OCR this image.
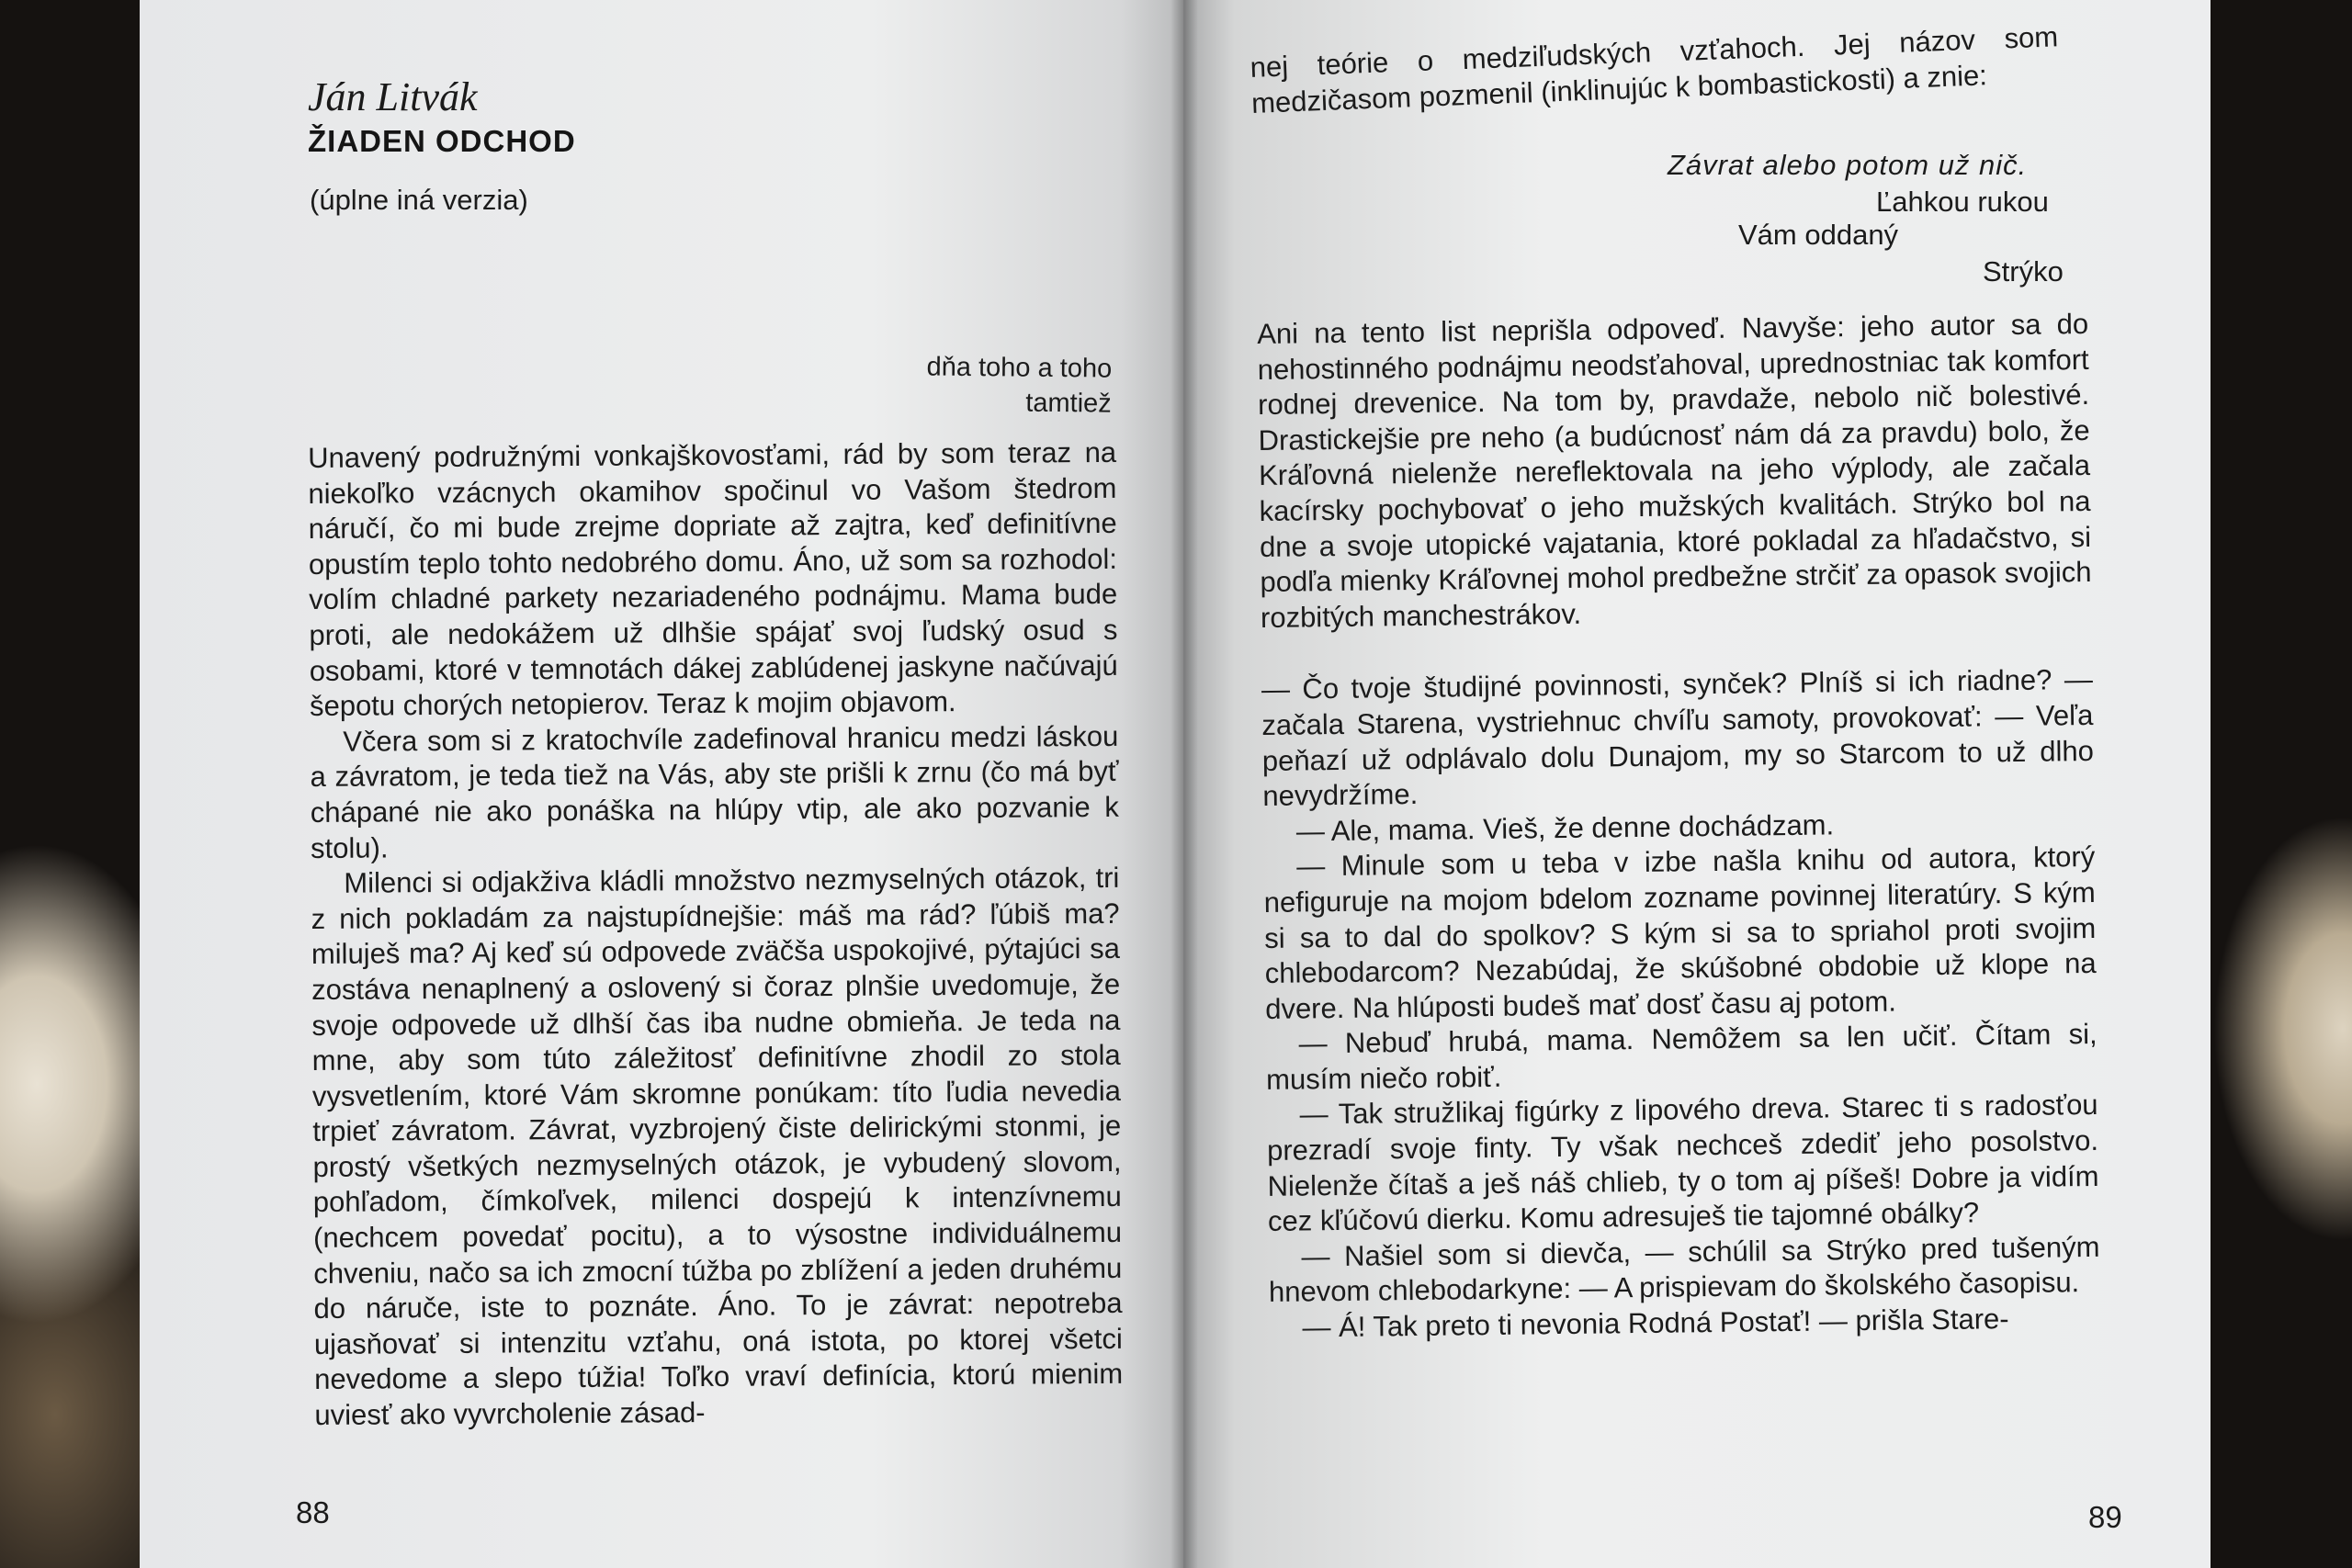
Ján Litvák
ŽIADEN ODCHOD
(úplne iná verzia)
dňa toho a toho
tamtiež

Unavený podružnými vonkajškovosťami, rád by som teraz na niekoľko vzácnych okamihov spočinul vo Vašom štedrom náručí, čo mi bude zrejme dopriate až zajtra, keď definitívne opustím teplo tohto nedobrého domu. Áno, už som sa rozhodol: volím chladné parkety nezariadeného podnájmu. Mama bude proti, ale nedokážem už dlhšie spájať svoj ľudský osud s osobami, ktoré v temnotách dákej zablúdenej jaskyne načúvajú šepotu chorých netopierov. Teraz k mojim objavom.

Včera som si z kratochvíle zadefinoval hranicu medzi láskou a závratom, je teda tiež na Vás, aby ste prišli k zrnu (čo má byť chápané nie ako ponáška na hlúpy vtip, ale ako pozvanie k stolu).

Milenci si odjakživa kládli množstvo nezmyselných otázok, tri z nich pokladám za najstupídnejšie: máš ma rád? ľúbiš ma? miluješ ma? Aj keď sú odpovede zväčša uspokojivé, pýtajúci sa zostáva nenaplnený a oslovený si čoraz plnšie uvedomuje, že svoje odpovede už dlhší čas iba nudne obmieňa. Je teda na mne, aby som túto záležitosť definitívne zhodil zo stola vysvetlením, ktoré Vám skromne ponúkam: títo ľudia nevedia trpieť závratom. Závrat, vyzbrojený čiste delirickými stonmi, je prostý všetkých nezmyselných otázok, je vybudený slovom, pohľadom, čímkoľvek, milenci dospejú k intenzívnemu (nechcem povedať pocitu), a to výsostne individuálnemu chveniu, načo sa ich zmocní túžba po zblížení a jeden druhému do náruče, iste to poznáte. Áno. To je závrat: nepotreba ujasňovať si intenzitu vzťahu, oná istota, po ktorej všetci nevedome a slepo túžia! Toľko vraví definícia, ktorú mienim uviesť ako vyvrcholenie zásad-

88
nej teórie o medziľudských vzťahoch. Jej názov som medzičasom pozmenil (inklinujúc k bombastickosti) a znie:
Závrat alebo potom už nič.
Ľahkou rukou
Vám oddaný
Strýko

Ani na tento list neprišla odpoveď. Navyše: jeho autor sa do nehostinného podnájmu neodsťahoval, uprednostniac tak komfort rodnej drevenice. Na tom by, pravdaže, nebolo nič bolestivé. Drastickejšie pre neho (a budúcnosť nám dá za pravdu) bolo, že Kráľovná nielenže nereflektovala na jeho výplody, ale začala kacírsky pochybovať o jeho mužských kvalitách. Strýko bol na dne a svoje utopické vajatania, ktoré pokladal za hľadačstvo, si podľa mienky Kráľovnej mohol predbežne strčiť za opasok svojich rozbitých manchestrákov.

— Čo tvoje študijné povinnosti, synček? Plníš si ich riadne? — začala Starena, vystriehnuc chvíľu samoty, provokovať: — Veľa peňazí už odplávalo dolu Dunajom, my so Starcom to už dlho nevydržíme.

— Ale, mama. Vieš, že denne dochádzam.

— Minule som u teba v izbe našla knihu od autora, ktorý nefiguruje na mojom bdelom zozname povinnej literatúry. S kým si sa to dal do spolkov? S kým si sa to spriahol proti svojim chlebodarcom? Nezabúdaj, že skúšobné obdobie už klope na dvere. Na hlúposti budeš mať dosť času aj potom.

— Nebuď hrubá, mama. Nemôžem sa len učiť. Čítam si, musím niečo robiť.

— Tak stružlikaj figúrky z lipového dreva. Starec ti s radosťou prezradí svoje finty. Ty však nechceš zdediť jeho posolstvo. Nielenže čítaš a ješ náš chlieb, ty o tom aj píšeš! Dobre ja vidím cez kľúčovú dierku. Komu adresuješ tie tajomné obálky?

— Našiel som si dievča, — schúlil sa Strýko pred tušeným hnevom chlebodarkyne: — A prispievam do školského časopisu.

— Á! Tak preto ti nevonia Rodná Postať! — prišla Stare-

89
